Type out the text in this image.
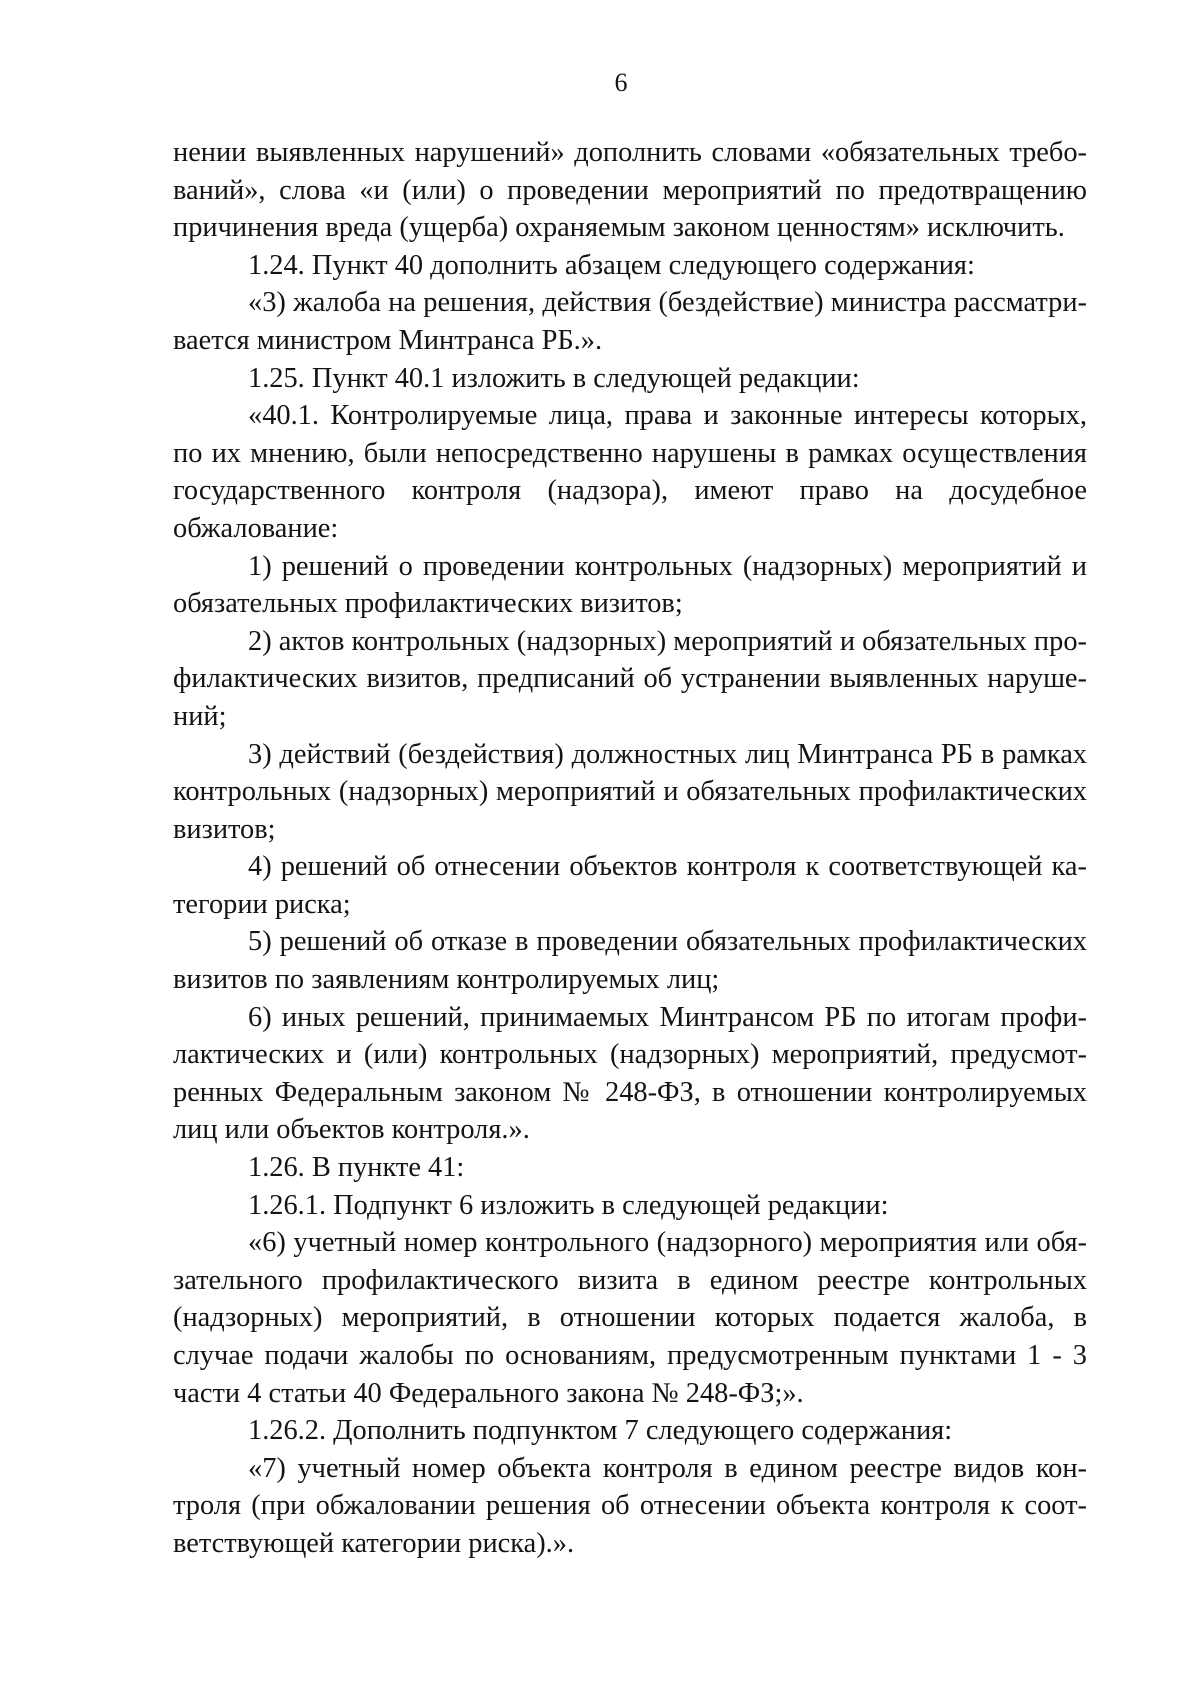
6

нении выявленных нарушений» дополнить словами «обязательных требований», слова «и (или) о проведении мероприятий по предотвращению причинения вреда (ущерба) охраняемым законом ценностям» исключить.

1.24. Пункт 40 дополнить абзацем следующего содержания:

«3) жалоба на решения, действия (бездействие) министра рассматривается министром Минтранса РБ.».

1.25. Пункт 40.1 изложить в следующей редакции:

«40.1. Контролируемые лица, права и законные интересы которых, по их мнению, были непосредственно нарушены в рамках осуществления государственного контроля (надзора), имеют право на досудебное обжалование:

1) решений о проведении контрольных (надзорных) мероприятий и обязательных профилактических визитов;

2) актов контрольных (надзорных) мероприятий и обязательных профилактических визитов, предписаний об устранении выявленных нарушений;

3) действий (бездействия) должностных лиц Минтранса РБ в рамках контрольных (надзорных) мероприятий и обязательных профилактических визитов;

4) решений об отнесении объектов контроля к соответствующей категории риска;

5) решений об отказе в проведении обязательных профилактических визитов по заявлениям контролируемых лиц;

6) иных решений, принимаемых Минтрансом РБ по итогам профилактических и (или) контрольных (надзорных) мероприятий, предусмотренных Федеральным законом № 248-ФЗ, в отношении контролируемых лиц или объектов контроля.».

1.26. В пункте 41:

1.26.1. Подпункт 6 изложить в следующей редакции:

«6) учетный номер контрольного (надзорного) мероприятия или обязательного профилактического визита в едином реестре контрольных (надзорных) мероприятий, в отношении которых подается жалоба, в случае подачи жалобы по основаниям, предусмотренным пунктами 1 - 3 части 4 статьи 40 Федерального закона № 248-ФЗ;».

1.26.2. Дополнить подпунктом 7 следующего содержания:

«7) учетный номер объекта контроля в едином реестре видов контроля (при обжаловании решения об отнесении объекта контроля к соответствующей категории риска).».
